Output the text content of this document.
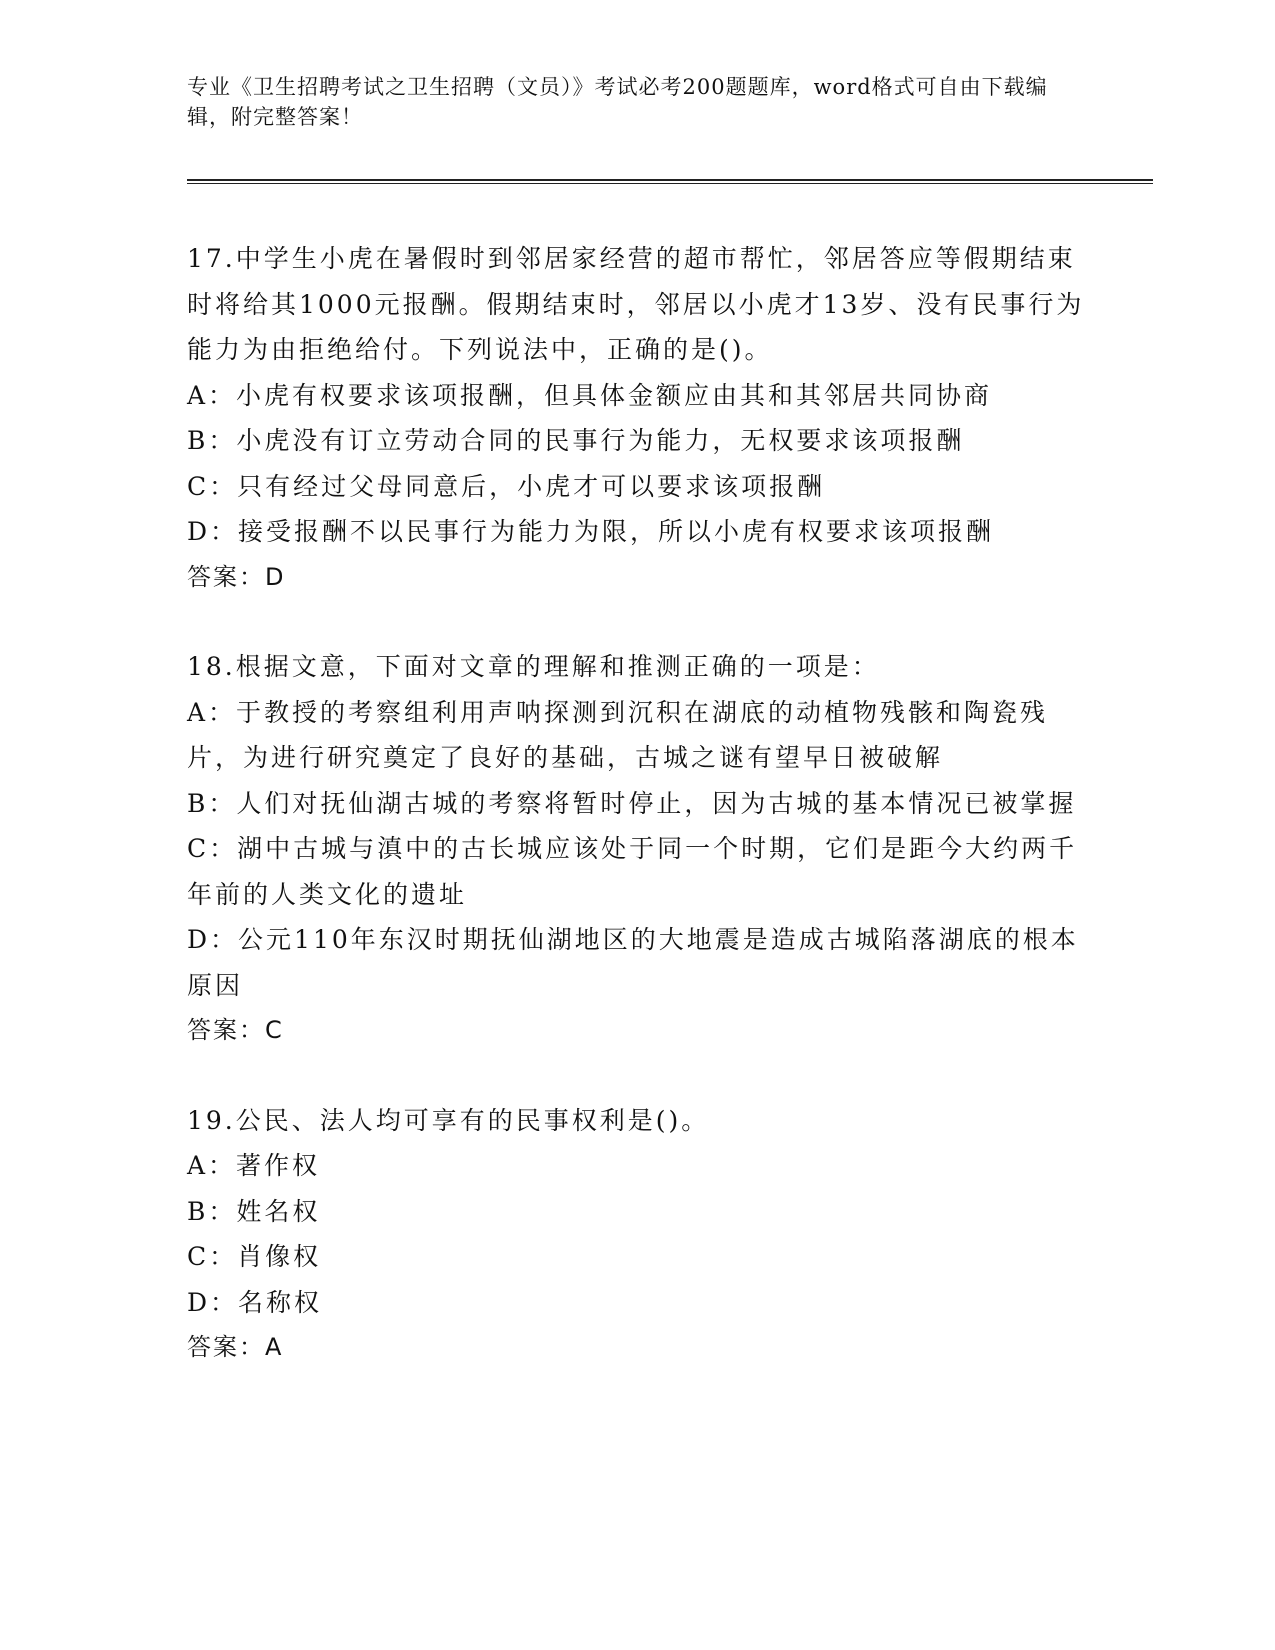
专业《卫生招聘考试之卫生招聘（文员）》考试必考200题题库，word格式可自由下载编辑，附完整答案！
17.中学生小虎在暑假时到邻居家经营的超市帮忙，邻居答应等假期结束时将给其1000元报酬。假期结束时，邻居以小虎才13岁、没有民事行为能力为由拒绝给付。下列说法中，正确的是()。
A：小虎有权要求该项报酬，但具体金额应由其和其邻居共同协商
B：小虎没有订立劳动合同的民事行为能力，无权要求该项报酬
C：只有经过父母同意后，小虎才可以要求该项报酬
D：接受报酬不以民事行为能力为限，所以小虎有权要求该项报酬
答案：D
18.根据文意，下面对文章的理解和推测正确的一项是：
A：于教授的考察组利用声呐探测到沉积在湖底的动植物残骸和陶瓷残片，为进行研究奠定了良好的基础，古城之谜有望早日被破解
B：人们对抚仙湖古城的考察将暂时停止，因为古城的基本情况已被掌握
C：湖中古城与滇中的古长城应该处于同一个时期，它们是距今大约两千年前的人类文化的遗址
D：公元110年东汉时期抚仙湖地区的大地震是造成古城陷落湖底的根本原因
答案：C
19.公民、法人均可享有的民事权利是()。
A：著作权
B：姓名权
C：肖像权
D：名称权
答案：A
